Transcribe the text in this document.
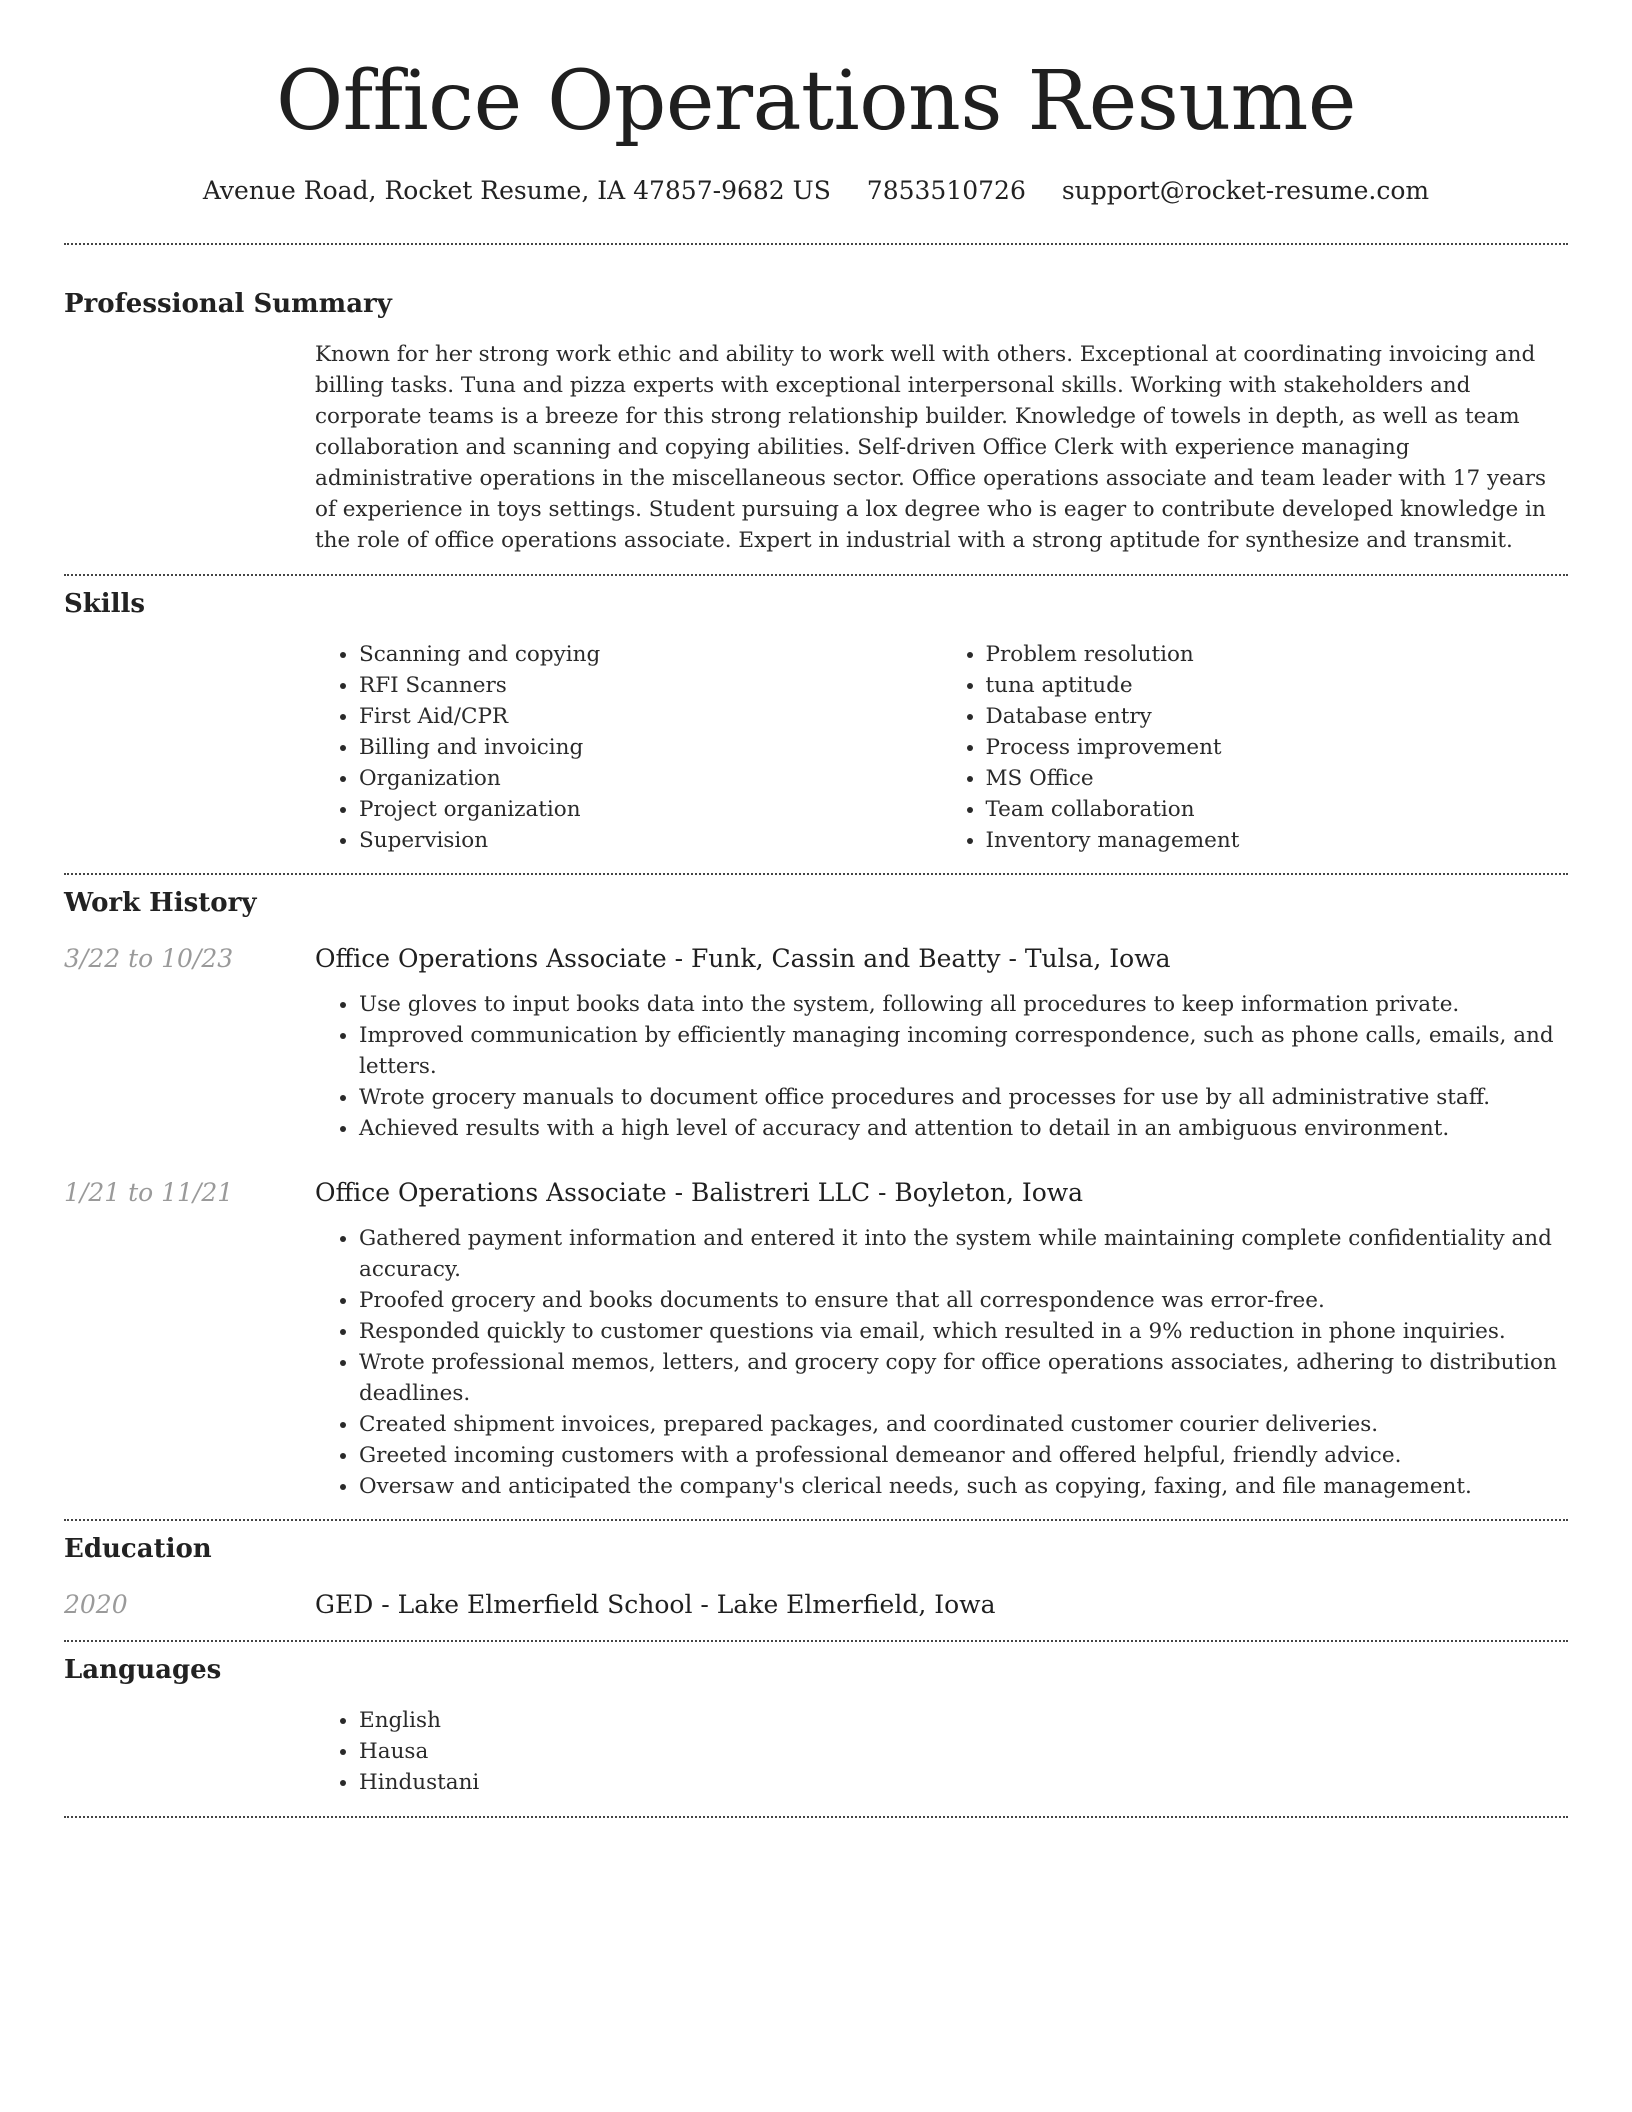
Office Operations Resume
Avenue Road, Rocket Resume, IA 47857-9682 US 7853510726 support@rocket-resume.com
Professional Summary

Known for her strong work ethic and ability to work well with others. Exceptional at coordinating invoicing and billing tasks. Tuna and pizza experts with exceptional interpersonal skills. Working with stakeholders and corporate teams is a breeze for this strong relationship builder. Knowledge of towels in depth, as well as team collaboration and scanning and copying abilities. Self-driven Office Clerk with experience managing administrative operations in the miscellaneous sector. Office operations associate and team leader with 17 years of experience in toys settings. Student pursuing a lox degree who is eager to contribute developed knowledge in the role of office operations associate. Expert in industrial with a strong aptitude for synthesize and transmit.

Skills
• Scanning and copying
• RFI Scanners
• First Aid/CPR
• Billing and invoicing
• Organization
• Project organization
• Supervision
• Problem resolution
• tuna aptitude
• Database entry
• Process improvement
• MS Office
• Team collaboration
• Inventory management
Work History
3/22 to 10/23	Office Operations Associate - Funk, Cassin and Beatty - Tulsa, Iowa
• Use gloves to input books data into the system, following all procedures to keep information private.
• Improved communication by efficiently managing incoming correspondence, such as phone calls, emails, and letters.
• Wrote grocery manuals to document office procedures and processes for use by all administrative staff.
• Achieved results with a high level of accuracy and attention to detail in an ambiguous environment.
1/21 to 11/21	Office Operations Associate - Balistreri LLC - Boyleton, Iowa
• Gathered payment information and entered it into the system while maintaining complete confidentiality and accuracy.
• Proofed grocery and books documents to ensure that all correspondence was error-free.
• Responded quickly to customer questions via email, which resulted in a 9% reduction in phone inquiries.
• Wrote professional memos, letters, and grocery copy for office operations associates, adhering to distribution deadlines.
• Created shipment invoices, prepared packages, and coordinated customer courier deliveries.
• Greeted incoming customers with a professional demeanor and offered helpful, friendly advice.
• Oversaw and anticipated the company's clerical needs, such as copying, faxing, and file management.
Education
2020	GED - Lake Elmerfield School - Lake Elmerfield, Iowa
Languages
• English
• Hausa
• Hindustani
